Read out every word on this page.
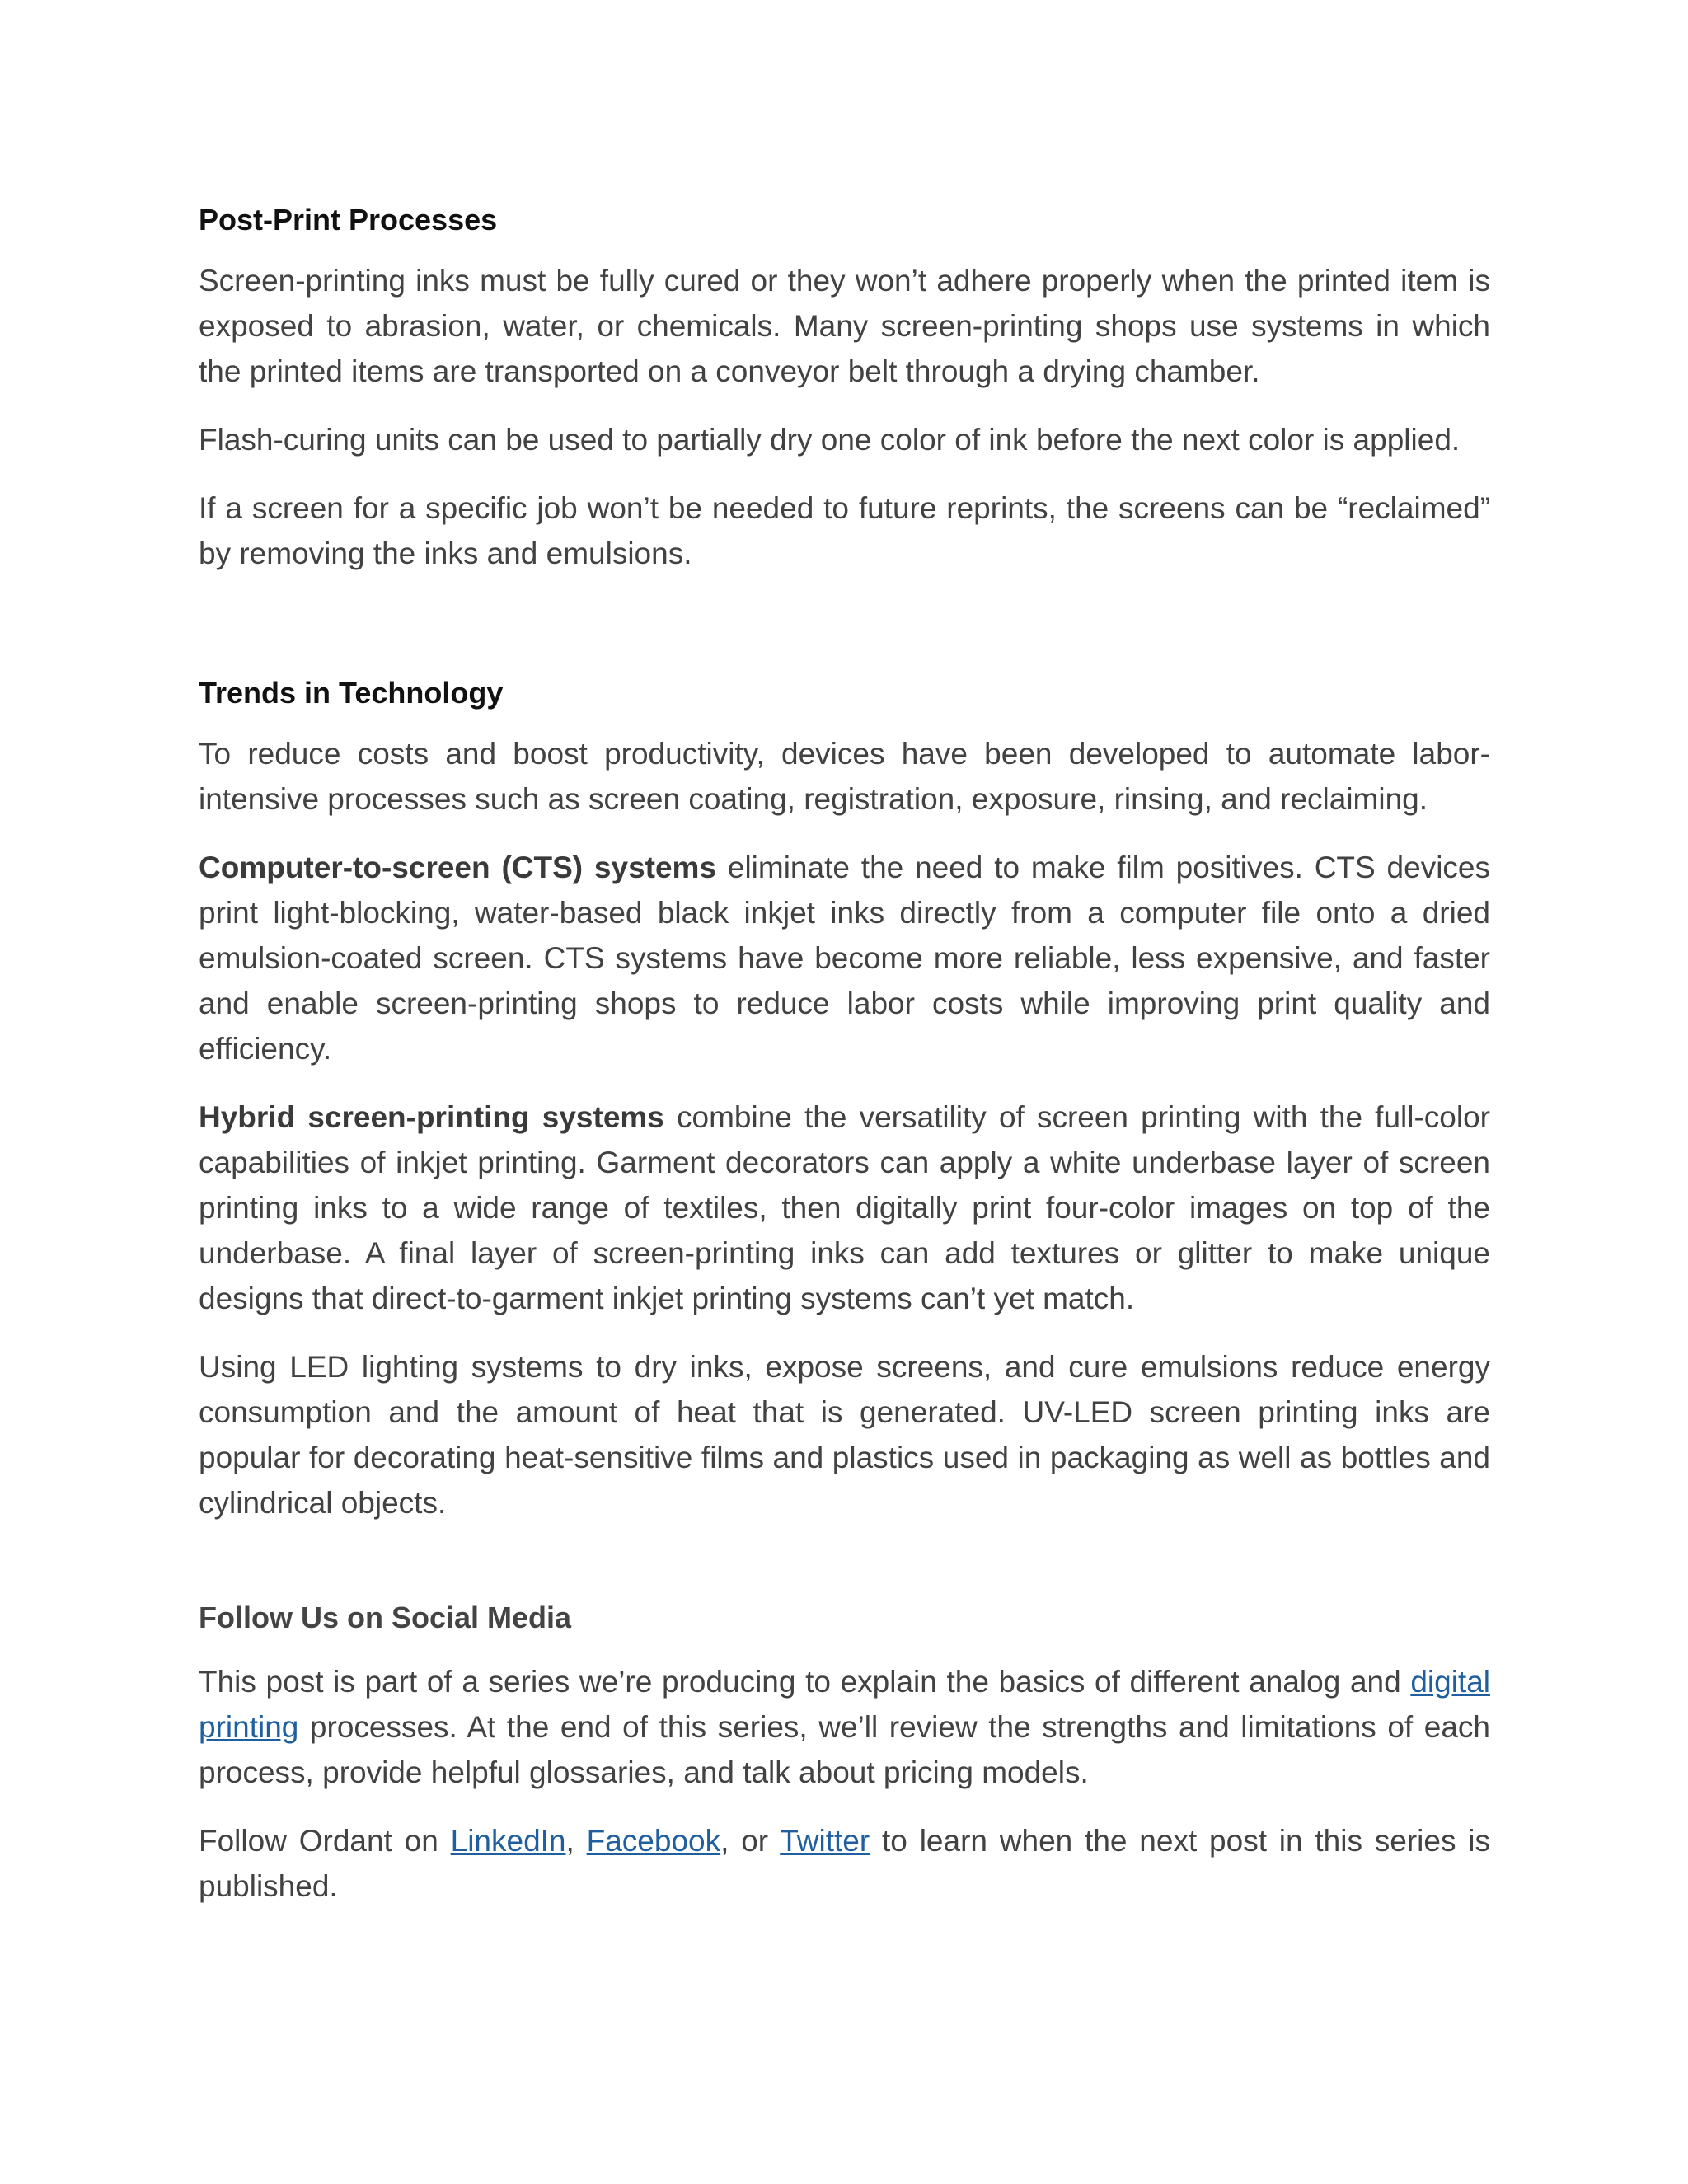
Post-Print Processes

Screen-printing inks must be fully cured or they won’t adhere properly when the printed item is exposed to abrasion, water, or chemicals. Many screen-printing shops use systems in which the printed items are transported on a conveyor belt through a drying chamber.

Flash-curing units can be used to partially dry one color of ink before the next color is applied.

If a screen for a specific job won’t be needed to future reprints, the screens can be “reclaimed” by removing the inks and emulsions.

Trends in Technology

To reduce costs and boost productivity, devices have been developed to automate labor-intensive processes such as screen coating, registration, exposure, rinsing, and reclaiming.

Computer-to-screen (CTS) systems eliminate the need to make film positives. CTS devices print light-blocking, water-based black inkjet inks directly from a computer file onto a dried emulsion-coated screen. CTS systems have become more reliable, less expensive, and faster and enable screen-printing shops to reduce labor costs while improving print quality and efficiency.

Hybrid screen-printing systems combine the versatility of screen printing with the full-color capabilities of inkjet printing. Garment decorators can apply a white underbase layer of screen printing inks to a wide range of textiles, then digitally print four-color images on top of the underbase. A final layer of screen-printing inks can add textures or glitter to make unique designs that direct-to-garment inkjet printing systems can’t yet match.

Using LED lighting systems to dry inks, expose screens, and cure emulsions reduce energy consumption and the amount of heat that is generated. UV-LED screen printing inks are popular for decorating heat-sensitive films and plastics used in packaging as well as bottles and cylindrical objects.

Follow Us on Social Media

This post is part of a series we’re producing to explain the basics of different analog and digital printing processes. At the end of this series, we’ll review the strengths and limitations of each process, provide helpful glossaries, and talk about pricing models.

Follow Ordant on LinkedIn, Facebook, or Twitter to learn when the next post in this series is published.
